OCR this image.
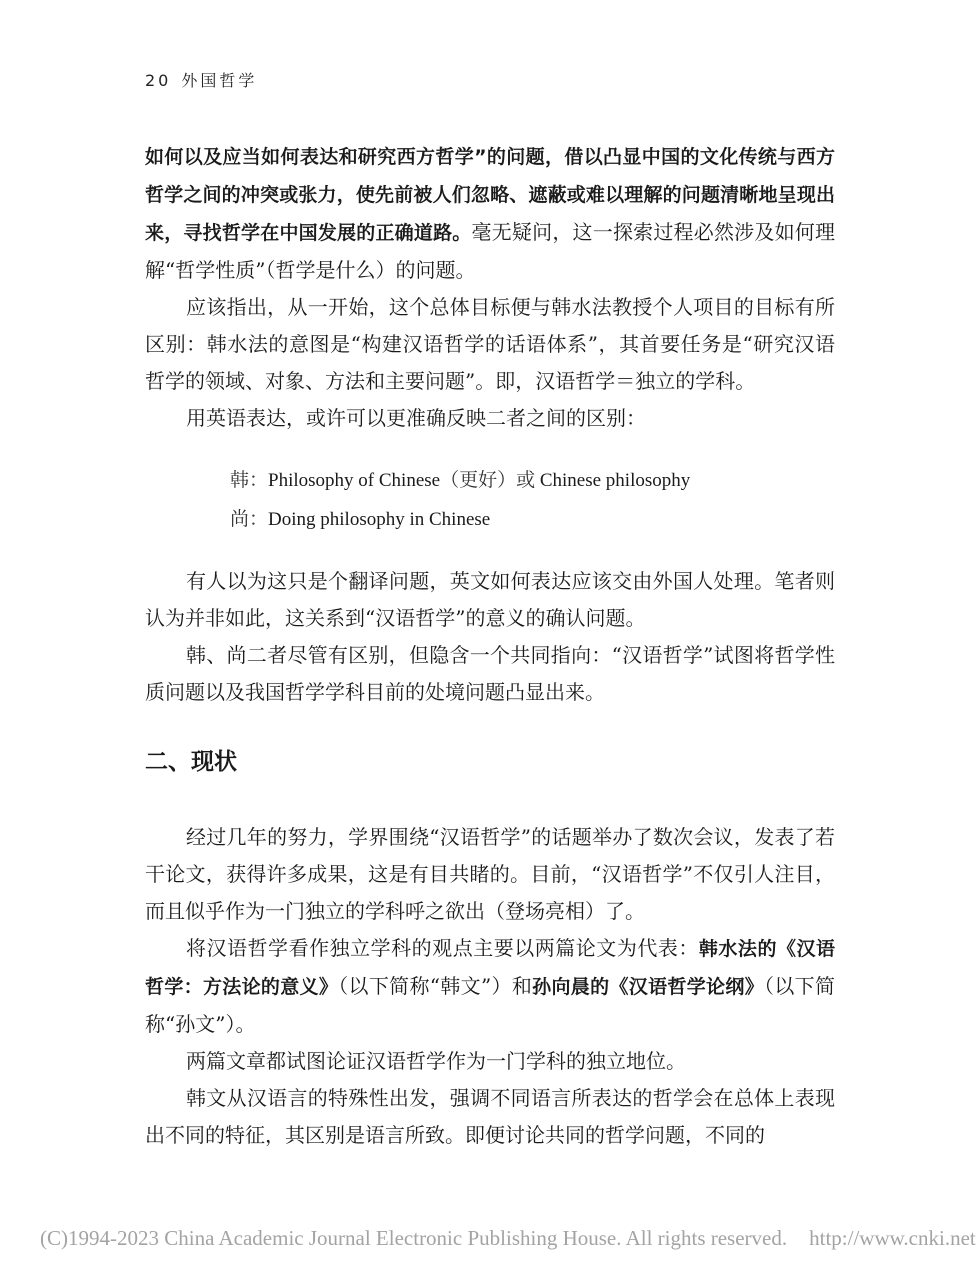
20 外国哲学

如何以及应当如何表达和研究西方哲学”的问题，借以凸显中国的文化传统与西方哲学之间的冲突或张力，使先前被人们忽略、遮蔽或难以理解的问题清晰地呈现出来，寻找哲学在中国发展的正确道路。毫无疑问，这一探索过程必然涉及如何理解“哲学性质”（哲学是什么）的问题。

应该指出，从一开始，这个总体目标便与韩水法教授个人项目的目标有所区别：韩水法的意图是“构建汉语哲学的话语体系”，其首要任务是“研究汉语哲学的领域、对象、方法和主要问题”。即，汉语哲学＝独立的学科。

用英语表达，或许可以更准确反映二者之间的区别：

韩：Philosophy of Chinese（更好）或 Chinese philosophy
尚：Doing philosophy in Chinese

有人以为这只是个翻译问题，英文如何表达应该交由外国人处理。笔者则认为并非如此，这关系到“汉语哲学”的意义的确认问题。

韩、尚二者尽管有区别，但隐含一个共同指向：“汉语哲学”试图将哲学性质问题以及我国哲学学科目前的处境问题凸显出来。

二、现状

经过几年的努力，学界围绕“汉语哲学”的话题举办了数次会议，发表了若干论文，获得许多成果，这是有目共睹的。目前，“汉语哲学”不仅引人注目，而且似乎作为一门独立的学科呼之欲出（登场亮相）了。

将汉语哲学看作独立学科的观点主要以两篇论文为代表：韩水法的《汉语哲学：方法论的意义》（以下简称“韩文”）和孙向晨的《汉语哲学论纲》（以下简称“孙文”）。

两篇文章都试图论证汉语哲学作为一门学科的独立地位。

韩文从汉语言的特殊性出发，强调不同语言所表达的哲学会在总体上表现出不同的特征，其区别是语言所致。即便讨论共同的哲学问题，不同的

(C)1994-2023 China Academic Journal Electronic Publishing House. All rights reserved. http://www.cnki.net
